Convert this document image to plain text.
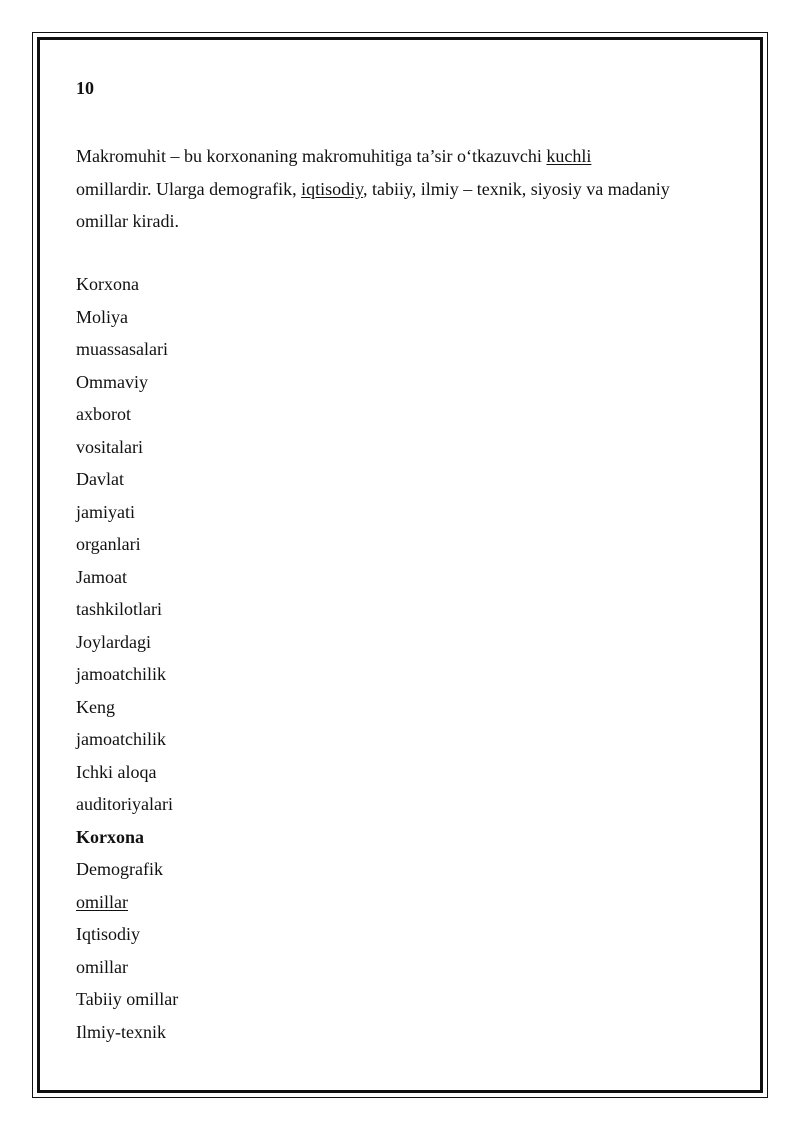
10
Makromuhit – bu korxonaning makromuhitiga ta’sir o‘tkazuvchi kuchli
omillardir. Ularga demografik, iqtisodiy, tabiiy, ilmiy – texnik, siyosiy va madaniy
omillar kiradi.
Korxona
Moliya
muassasalari
Ommaviy
axborot
vositalari
Davlat
jamiyati
organlari
Jamoat
tashkilotlari
Joylardagi
jamoatchilik
Keng
jamoatchilik
Ichki aloqa
auditoriyalari
Korxona
Demografik
omillar
Iqtisodiy
omillar
Tabiiy omillar
Ilmiy-texnik
